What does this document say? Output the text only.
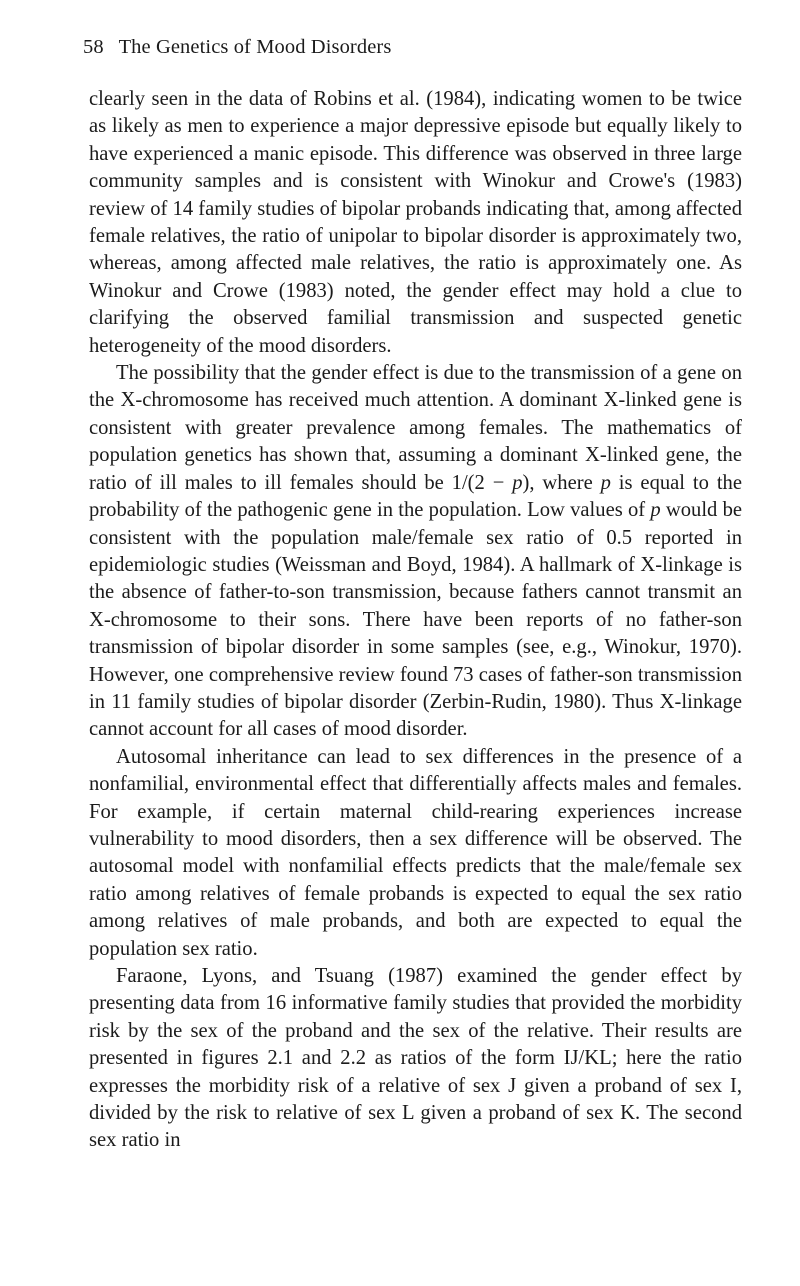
58 The Genetics of Mood Disorders

clearly seen in the data of Robins et al. (1984), indicating women to be twice as likely as men to experience a major depressive episode but equally likely to have experienced a manic episode. This difference was observed in three large community samples and is consistent with Winokur and Crowe's (1983) review of 14 family studies of bipolar probands indicating that, among affected female relatives, the ratio of unipolar to bipolar disorder is approximately two, whereas, among affected male relatives, the ratio is approximately one. As Winokur and Crowe (1983) noted, the gender effect may hold a clue to clarifying the observed familial transmission and suspected genetic heterogeneity of the mood disorders.

The possibility that the gender effect is due to the transmission of a gene on the X-chromosome has received much attention. A dominant X-linked gene is consistent with greater prevalence among females. The mathematics of population genetics has shown that, assuming a dominant X-linked gene, the ratio of ill males to ill females should be 1/(2 − p), where p is equal to the probability of the pathogenic gene in the population. Low values of p would be consistent with the population male/female sex ratio of 0.5 reported in epidemiologic studies (Weissman and Boyd, 1984). A hallmark of X-linkage is the absence of father-to-son transmission, because fathers cannot transmit an X-chromosome to their sons. There have been reports of no father-son transmission of bipolar disorder in some samples (see, e.g., Winokur, 1970). However, one comprehensive review found 73 cases of father-son transmission in 11 family studies of bipolar disorder (Zerbin-Rudin, 1980). Thus X-linkage cannot account for all cases of mood disorder.

Autosomal inheritance can lead to sex differences in the presence of a nonfamilial, environmental effect that differentially affects males and females. For example, if certain maternal child-rearing experiences increase vulnerability to mood disorders, then a sex difference will be observed. The autosomal model with nonfamilial effects predicts that the male/female sex ratio among relatives of female probands is expected to equal the sex ratio among relatives of male probands, and both are expected to equal the population sex ratio.

Faraone, Lyons, and Tsuang (1987) examined the gender effect by presenting data from 16 informative family studies that provided the morbidity risk by the sex of the proband and the sex of the relative. Their results are presented in figures 2.1 and 2.2 as ratios of the form IJ/KL; here the ratio expresses the morbidity risk of a relative of sex J given a proband of sex I, divided by the risk to relative of sex L given a proband of sex K. The second sex ratio in
